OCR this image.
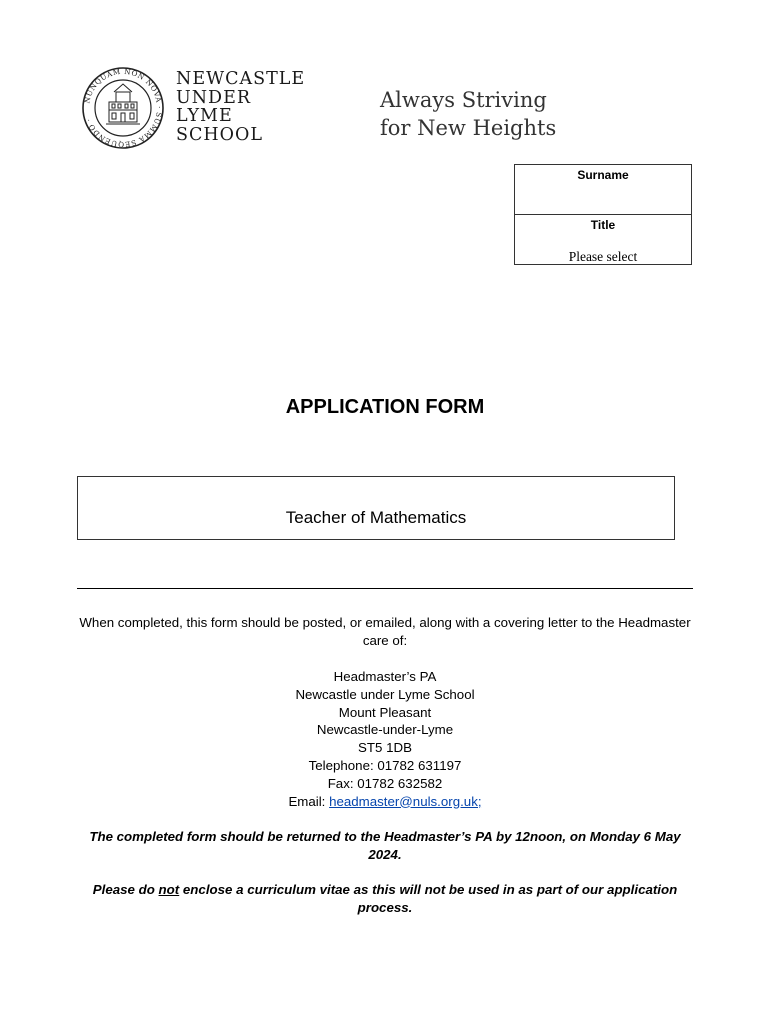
NUNQUAM NON NOVA · SUMMA SEQUENDO ·
NEWCASTLE
UNDER
LYME
SCHOOL
Always Striving
for New Heights
Surname
Title
Please select
APPLICATION FORM
Teacher of Mathematics

When completed, this form should be posted, or emailed, along with a covering letter to the Headmaster care of:

Headmaster’s PA
Newcastle under Lyme School
Mount Pleasant
Newcastle-under-Lyme
ST5 1DB
Telephone: 01782 631197
Fax: 01782 632582
Email: headmaster@nuls.org.uk;
The completed form should be returned to the Headmaster’s PA by 12noon, on Monday 6 May 2024.
Please do not enclose a curriculum vitae as this will not be used in as part of our application process.
